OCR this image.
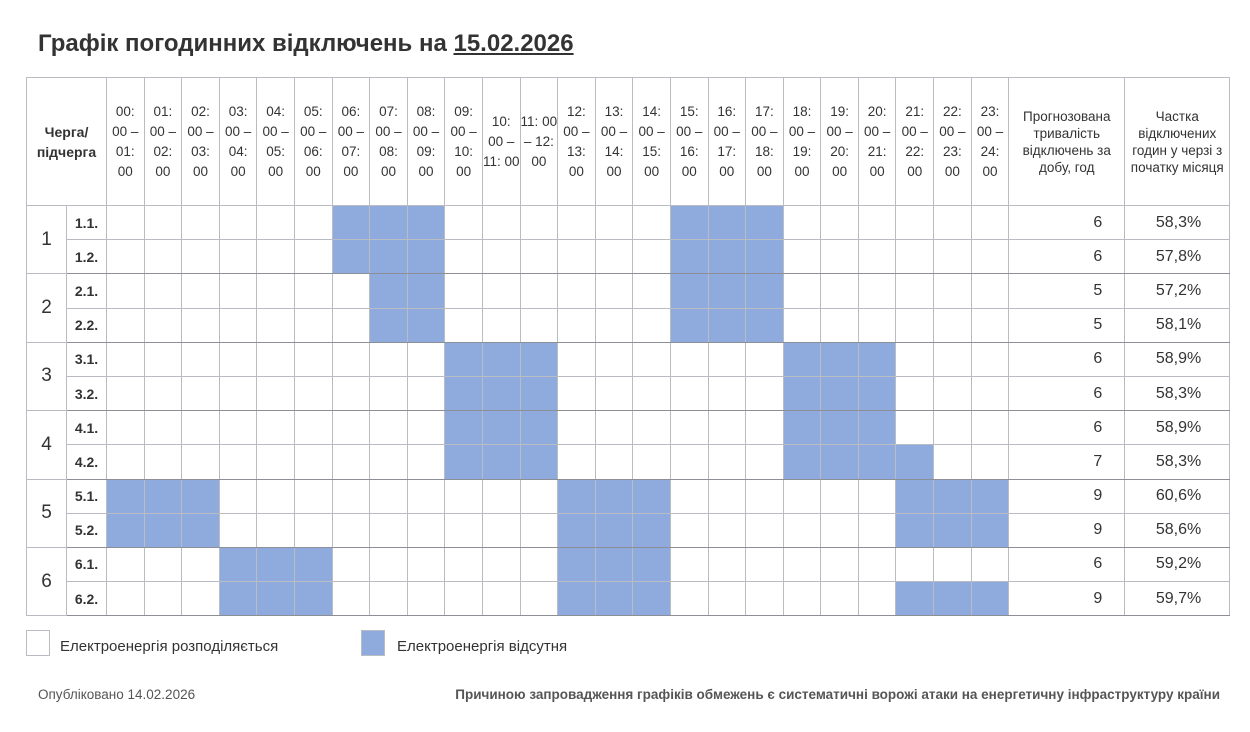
Графік погодинних відключень на 15.02.2026
Черга/ підчерга		00: 00 – 01: 00	01: 00 – 02: 00	02: 00 – 03: 00	03: 00 – 04: 00	04: 00 – 05: 00	05: 00 – 06: 00	06: 00 – 07: 00	07: 00 – 08: 00	08: 00 – 09: 00	09: 00 – 10: 00	10: 00 – 11: 00	11: 00 – 12: 00	12: 00 – 13: 00	13: 00 – 14: 00	14: 00 – 15: 00	15: 00 – 16: 00	16: 00 – 17: 00	17: 00 – 18: 00	18: 00 – 19: 00	19: 00 – 20: 00	20: 00 – 21: 00	21: 00 – 22: 00	22: 00 – 23: 00	23: 00 – 24: 00	Прогнозована тривалість відключень за добу, год	Частка відключених годин у черзі з початку місяця
1	1.1.																									6	58,3%
	1.2.																									6	57,8%
2	2.1.																									5	57,2%
	2.2.																									5	58,1%
3	3.1.																									6	58,9%
	3.2.																									6	58,3%
4	4.1.																									6	58,9%
	4.2.																									7	58,3%
5	5.1.																									9	60,6%
	5.2.																									9	58,6%
6	6.1.																									6	59,2%
	6.2.																									9	59,7%
Електроенергія розподіляється	Електроенергія відсутня
Опубліковано 14.02.2026	Причиною запровадження графіків обмежень є систематичні ворожі атаки на енергетичну інфраструктуру країни
